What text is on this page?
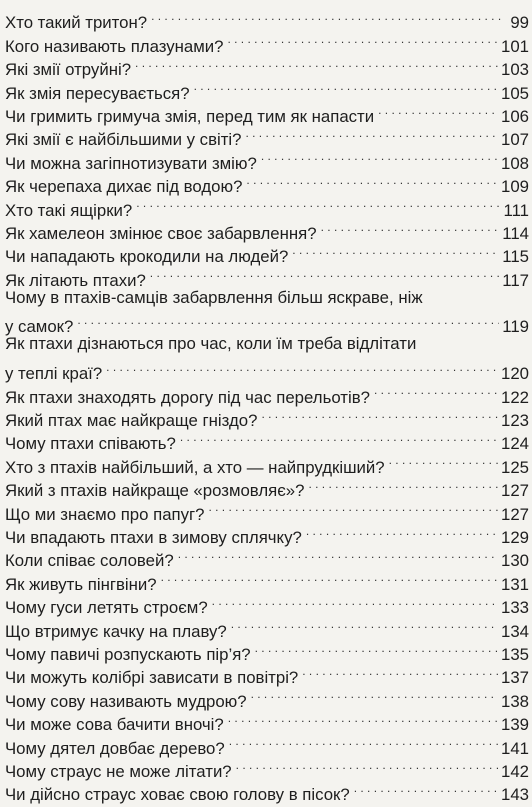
Хто такий тритон? . . .	99
Кого називають плазунами? . . .	101
Які змії отруйні? . . .	103
Як змія пересувається? . . .	105
Чи гримить гримуча змія, перед тим як напасти . . .	106
Які змії є найбільшими у світі? . . .	107
Чи можна загіпнотизувати змію? . . .	108
Як черепаха дихає під водою? . . .	109
Хто такі ящірки? . . .	111
Як хамелеон змінює своє забарвлення? . . .	114
Чи нападають крокодили на людей? . . .	115
Як літають птахи? . . .	117
Чому в птахів-самців забарвлення більш яскраве, ніж
у самок? . . .	119
Як птахи дізнаються про час, коли їм треба відлітати
у теплі краї? . . .	120
Як птахи знаходять дорогу під час перельотів? . . .	122
Який птах має найкраще гніздо? . . .	123
Чому птахи співають? . . .	124
Хто з птахів найбільший, а хто — найпрудкіший? . . .	125
Який з птахів найкраще «розмовляє»? . . .	127
Що ми знаємо про папуг? . . .	127
Чи впадають птахи в зимову сплячку? . . .	129
Коли співає соловей? . . .	130
Як живуть пінгвіни? . . .	131
Чому гуси летять строєм? . . .	133
Що втримує качку на плаву? . . .	134
Чому павичі розпускають пір’я? . . .	135
Чи можуть колібрі зависати в повітрі? . . .	137
Чому сову називають мудрою? . . .	138
Чи може сова бачити вночі? . . .	139
Чому дятел довбає дерево? . . .	141
Чому страус не може літати? . . .	142
Чи дійсно страус ховає свою голову в пісок? . . .	143
